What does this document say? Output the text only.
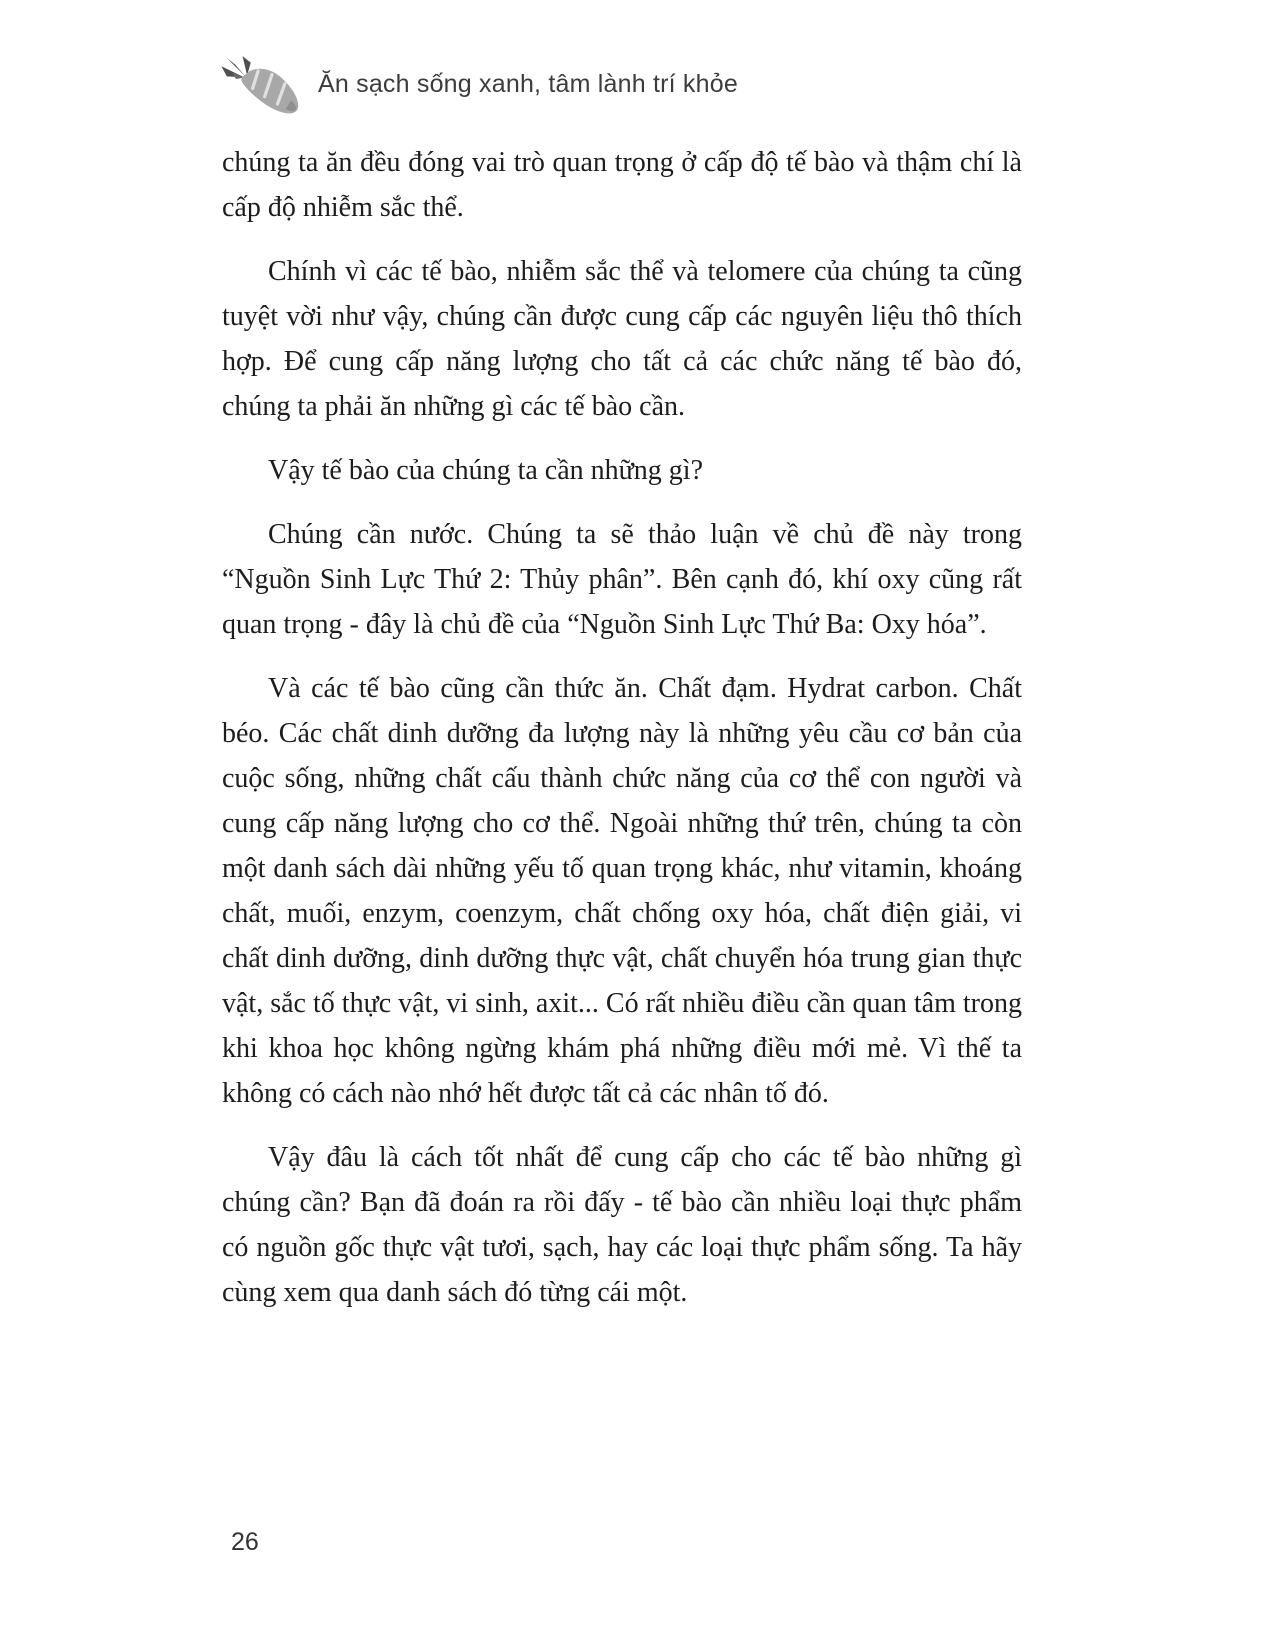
Ăn sạch sống xanh, tâm lành trí khỏe

chúng ta ăn đều đóng vai trò quan trọng ở cấp độ tế bào và thậm chí là cấp độ nhiễm sắc thể.

Chính vì các tế bào, nhiễm sắc thể và telomere của chúng ta cũng tuyệt vời như vậy, chúng cần được cung cấp các nguyên liệu thô thích hợp. Để cung cấp năng lượng cho tất cả các chức năng tế bào đó, chúng ta phải ăn những gì các tế bào cần.

Vậy tế bào của chúng ta cần những gì?

Chúng cần nước. Chúng ta sẽ thảo luận về chủ đề này trong “Nguồn Sinh Lực Thứ 2: Thủy phân”. Bên cạnh đó, khí oxy cũng rất quan trọng - đây là chủ đề của “Nguồn Sinh Lực Thứ Ba: Oxy hóa”.

Và các tế bào cũng cần thức ăn. Chất đạm. Hydrat carbon. Chất béo. Các chất dinh dưỡng đa lượng này là những yêu cầu cơ bản của cuộc sống, những chất cấu thành chức năng của cơ thể con người và cung cấp năng lượng cho cơ thể. Ngoài những thứ trên, chúng ta còn một danh sách dài những yếu tố quan trọng khác, như vitamin, khoáng chất, muối, enzym, coenzym, chất chống oxy hóa, chất điện giải, vi chất dinh dưỡng, dinh dưỡng thực vật, chất chuyển hóa trung gian thực vật, sắc tố thực vật, vi sinh, axit... Có rất nhiều điều cần quan tâm trong khi khoa học không ngừng khám phá những điều mới mẻ. Vì thế ta không có cách nào nhớ hết được tất cả các nhân tố đó.

Vậy đâu là cách tốt nhất để cung cấp cho các tế bào những gì chúng cần? Bạn đã đoán ra rồi đấy - tế bào cần nhiều loại thực phẩm có nguồn gốc thực vật tươi, sạch, hay các loại thực phẩm sống. Ta hãy cùng xem qua danh sách đó từng cái một.

26
